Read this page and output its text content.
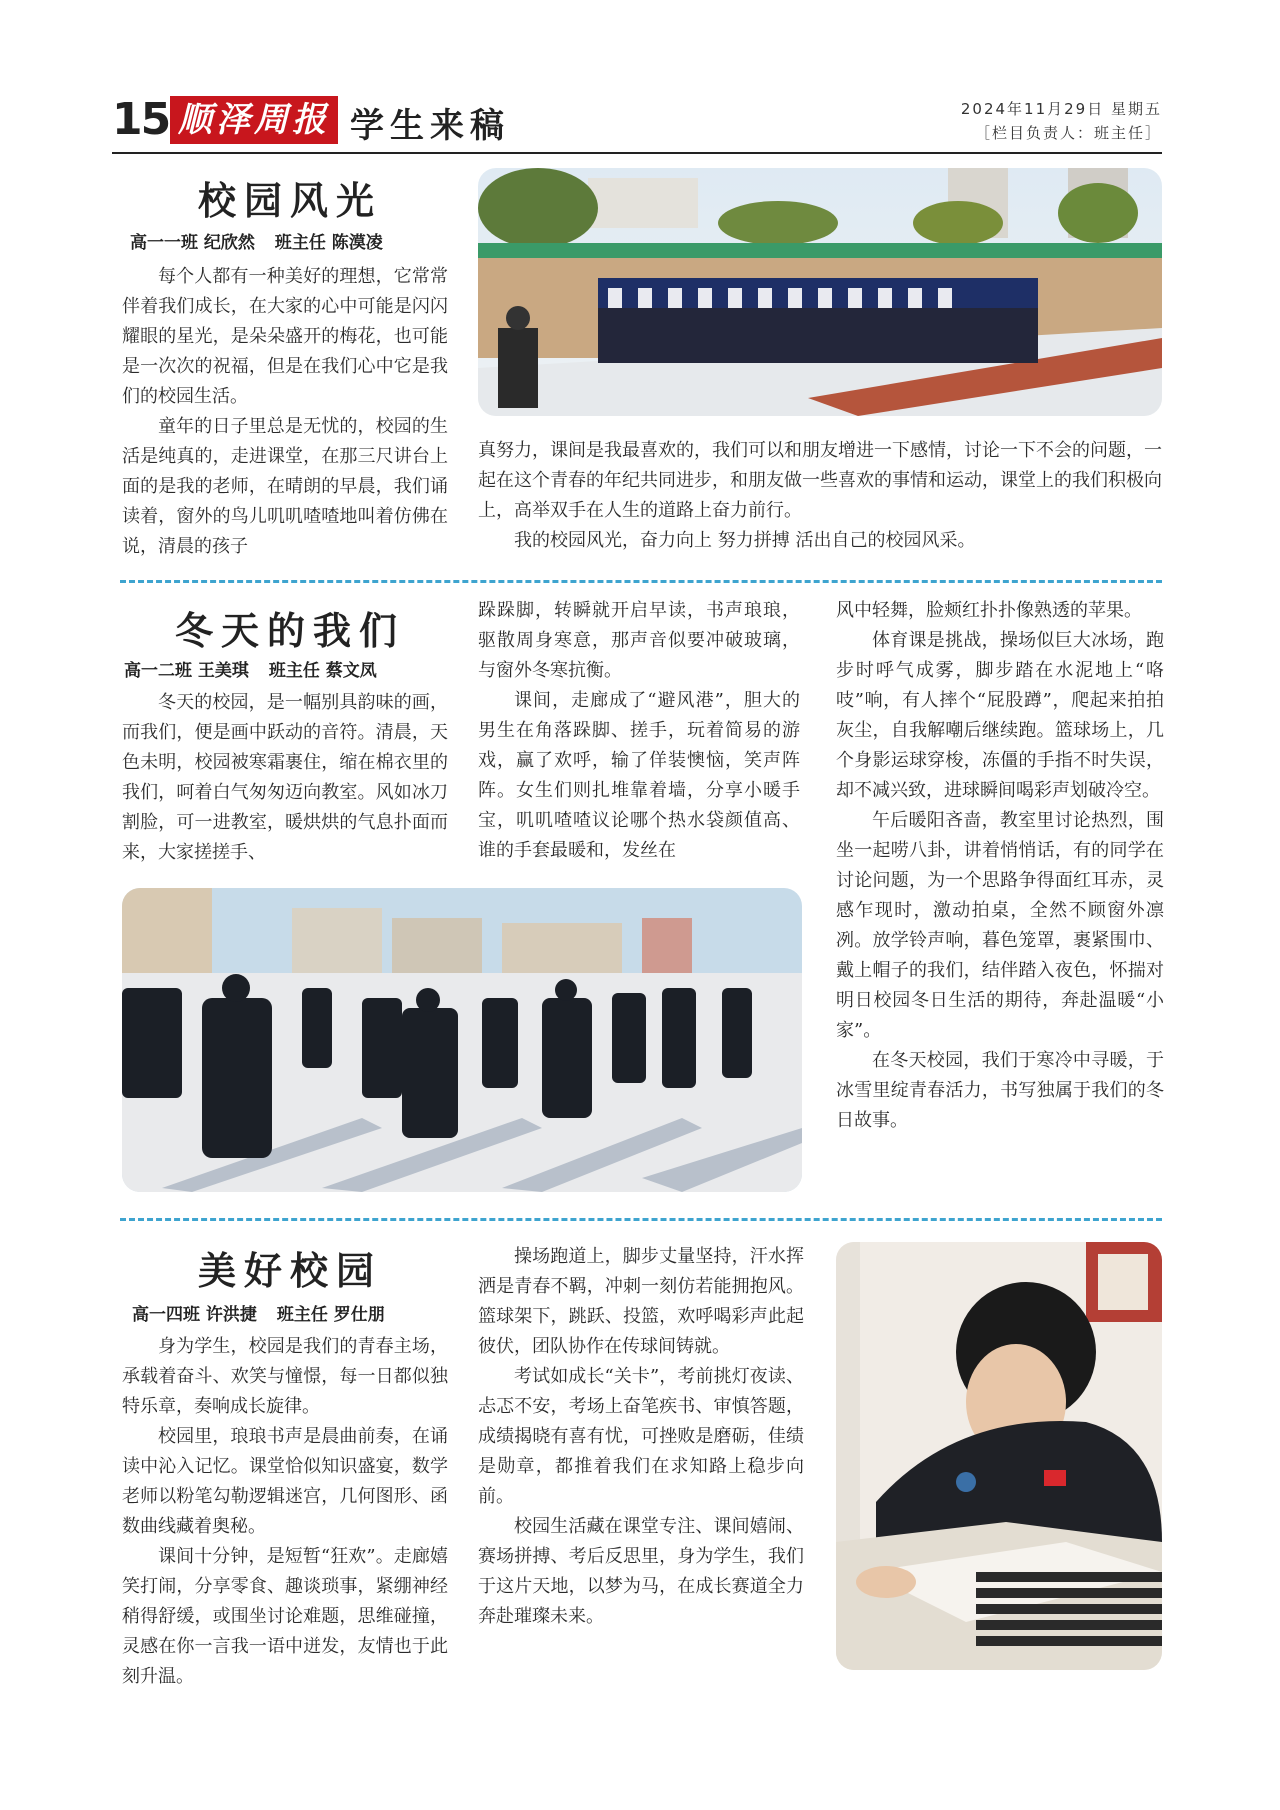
15 顺泽周报 学生来稿	2024年11月29日 星期五
［栏目负责人：班主任］
校园风光
高一一班 纪欣然 班主任 陈漠凌

每个人都有一种美好的理想，它常常伴着我们成长，在大家的心中可能是闪闪耀眼的星光，是朵朵盛开的梅花，也可能是一次次的祝福，但是在我们心中它是我们的校园生活。

童年的日子里总是无忧的，校园的生活是纯真的，走进课堂，在那三尺讲台上面的是我的老师，在晴朗的早晨，我们诵读着，窗外的鸟儿叽叽喳喳地叫着仿佛在说，清晨的孩子

真努力，课间是我最喜欢的，我们可以和朋友增进一下感情，讨论一下不会的问题，一起在这个青春的年纪共同进步，和朋友做一些喜欢的事情和运动，课堂上的我们积极向上，高举双手在人生的道路上奋力前行。

我的校园风光，奋力向上 努力拼搏 活出自己的校园风采。

冬天的我们
高一二班 王美琪 班主任 蔡文凤

冬天的校园，是一幅别具韵味的画，而我们，便是画中跃动的音符。清晨，天色未明，校园被寒霜裹住，缩在棉衣里的我们，呵着白气匆匆迈向教室。风如冰刀割脸，可一进教室，暖烘烘的气息扑面而来，大家搓搓手、

跺跺脚，转瞬就开启早读，书声琅琅，驱散周身寒意，那声音似要冲破玻璃，与窗外冬寒抗衡。

课间，走廊成了“避风港”，胆大的男生在角落跺脚、搓手，玩着简易的游戏，赢了欢呼，输了佯装懊恼，笑声阵阵。女生们则扎堆靠着墙，分享小暖手宝，叽叽喳喳议论哪个热水袋颜值高、谁的手套最暖和，发丝在

风中轻舞，脸颊红扑扑像熟透的苹果。

体育课是挑战，操场似巨大冰场，跑步时呼气成雾，脚步踏在水泥地上“咯吱”响，有人摔个“屁股蹲”，爬起来拍拍灰尘，自我解嘲后继续跑。篮球场上，几个身影运球穿梭，冻僵的手指不时失误，却不减兴致，进球瞬间喝彩声划破冷空。

午后暖阳吝啬，教室里讨论热烈，围坐一起唠八卦，讲着悄悄话，有的同学在讨论问题，为一个思路争得面红耳赤，灵感乍现时，激动拍桌，全然不顾窗外凛冽。放学铃声响，暮色笼罩，裹紧围巾、戴上帽子的我们，结伴踏入夜色，怀揣对明日校园冬日生活的期待，奔赴温暖“小家”。

在冬天校园，我们于寒冷中寻暖，于冰雪里绽青春活力，书写独属于我们的冬日故事。

美好校园
高一四班 许洪捷 班主任 罗仕朋

身为学生，校园是我们的青春主场，承载着奋斗、欢笑与憧憬，每一日都似独特乐章，奏响成长旋律。

校园里，琅琅书声是晨曲前奏，在诵读中沁入记忆。课堂恰似知识盛宴，数学老师以粉笔勾勒逻辑迷宫，几何图形、函数曲线藏着奥秘。

课间十分钟，是短暂“狂欢”。走廊嬉笑打闹，分享零食、趣谈琐事，紧绷神经稍得舒缓，或围坐讨论难题，思维碰撞，灵感在你一言我一语中迸发，友情也于此刻升温。

操场跑道上，脚步丈量坚持，汗水挥洒是青春不羁，冲刺一刻仿若能拥抱风。篮球架下，跳跃、投篮，欢呼喝彩声此起彼伏，团队协作在传球间铸就。

考试如成长“关卡”，考前挑灯夜读、忐忑不安，考场上奋笔疾书、审慎答题，成绩揭晓有喜有忧，可挫败是磨砺，佳绩是勋章，都推着我们在求知路上稳步向前。

校园生活藏在课堂专注、课间嬉闹、赛场拼搏、考后反思里，身为学生，我们于这片天地，以梦为马，在成长赛道全力奔赴璀璨未来。
